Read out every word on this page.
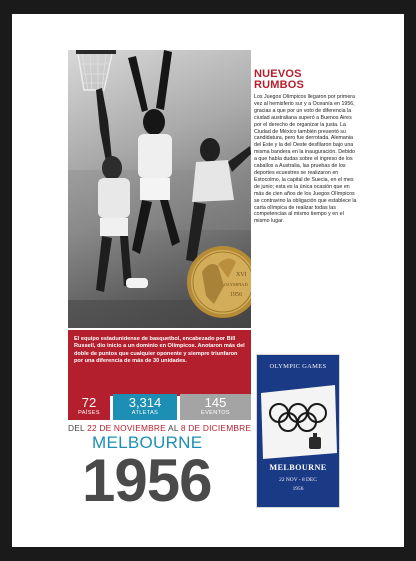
XVI
OLYMPIAD
1956
El equipo estadunidense de basquetbol, encabezado por Bill Russell, dio inicio a un dominio en Olímpicos. Anotaron más del doble de puntos que cualquier oponente y siempre triunfaron por una diferencia de más de 30 unidades.
NUEVOS
RUMBOS
Los Juegos Olímpicos llegaron por primera vez al hemisferio sur y a Oceanía en 1956, gracias a que por un voto de diferencia la ciudad australiana superó a Buenos Aires por el derecho de organizar la justa. La Ciudad de México también presentó su candidatura, pero fue derrotada. Alemania del Este y la del Oeste desfilaron bajo una misma bandera en la inauguración. Debido a que había dudas sobre el ingreso de los caballos a Australia, las pruebas de los deportes ecuestres se realizaron en Estocolmo, la capital de Suecia, en el mes de junio; esta es la única ocasión que en más de cien años de los Juegos Olímpicos se contravino la obligación que establece la carta olímpica de realizar todas las competencias al mismo tiempo y en el mismo lugar.
72
PAÍSES
3,314
ATLETAS
145
EVENTOS
DEL 22 DE NOVIEMBRE AL 8 DE DICIEMBRE
MELBOURNE
1956
OLYMPIC GAMES
MELBOURNE
22 NOV - 8 DEC
1956
